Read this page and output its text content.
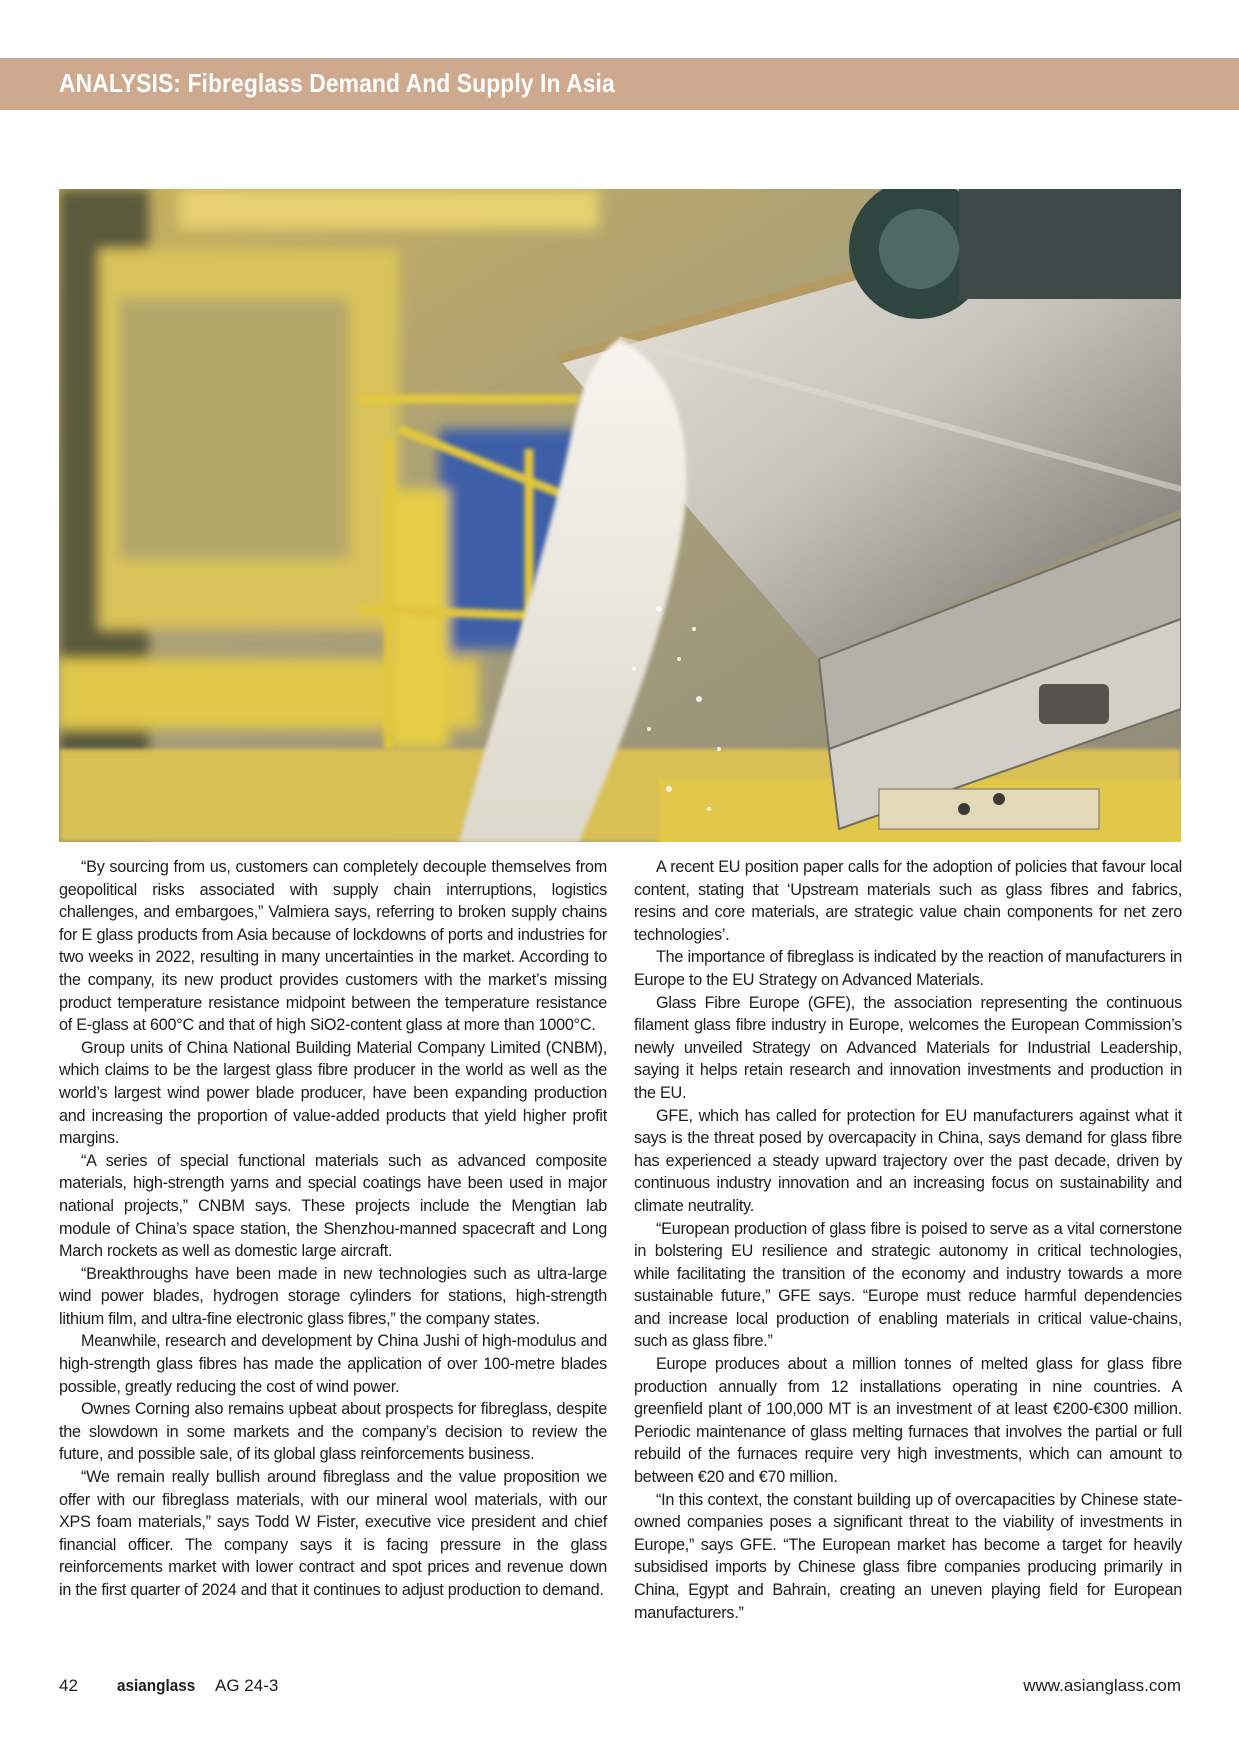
ANALYSIS: Fibreglass Demand And Supply In Asia

“By sourcing from us, customers can completely decouple themselves from geopolitical risks associated with supply chain interruptions, logistics challenges, and embargoes,” Valmiera says, referring to broken supply chains for E glass products from Asia because of lockdowns of ports and industries for two weeks in 2022, resulting in many uncertainties in the market. According to the company, its new product provides customers with the market’s missing product temperature resistance midpoint between the temperature resistance of E-glass at 600°C and that of high SiO2-content glass at more than 1000°C.

Group units of China National Building Material Company Limited (CNBM), which claims to be the largest glass fibre producer in the world as well as the world’s largest wind power blade producer, have been expanding production and increasing the proportion of value-added products that yield higher profit margins.

“A series of special functional materials such as advanced composite materials, high-strength yarns and special coatings have been used in major national projects,” CNBM says. These projects include the Mengtian lab module of China’s space station, the Shenzhou-manned spacecraft and Long March rockets as well as domestic large aircraft.

“Breakthroughs have been made in new technologies such as ultra-large wind power blades, hydrogen storage cylinders for stations, high-strength lithium film, and ultra-fine electronic glass fibres,” the company states.

Meanwhile, research and development by China Jushi of high-modulus and high-strength glass fibres has made the application of over 100-metre blades possible, greatly reducing the cost of wind power.

Ownes Corning also remains upbeat about prospects for fibreglass, despite the slowdown in some markets and the company’s decision to review the future, and possible sale, of its global glass reinforcements business.

“We remain really bullish around fibreglass and the value proposition we offer with our fibreglass materials, with our mineral wool materials, with our XPS foam materials,” says Todd W Fister, executive vice president and chief financial officer. The company says it is facing pressure in the glass reinforcements market with lower contract and spot prices and revenue down in the first quarter of 2024 and that it continues to adjust production to demand.

A recent EU position paper calls for the adoption of policies that favour local content, stating that ‘Upstream materials such as glass fibres and fabrics, resins and core materials, are strategic value chain components for net zero technologies’.

The importance of fibreglass is indicated by the reaction of manufacturers in Europe to the EU Strategy on Advanced Materials.

Glass Fibre Europe (GFE), the association representing the continuous filament glass fibre industry in Europe, welcomes the European Commission’s newly unveiled Strategy on Advanced Materials for Industrial Leadership, saying it helps retain research and innovation investments and production in the EU.

GFE, which has called for protection for EU manufacturers against what it says is the threat posed by overcapacity in China, says demand for glass fibre has experienced a steady upward trajectory over the past decade, driven by continuous industry innovation and an increasing focus on sustainability and climate neutrality.

“European production of glass fibre is poised to serve as a vital cornerstone in bolstering EU resilience and strategic autonomy in critical technologies, while facilitating the transition of the economy and industry towards a more sustainable future,” GFE says. “Europe must reduce harmful dependencies and increase local production of enabling materials in critical value-chains, such as glass fibre.”

Europe produces about a million tonnes of melted glass for glass fibre production annually from 12 installations operating in nine countries. A greenfield plant of 100,000 MT is an investment of at least €200-€300 million. Periodic maintenance of glass melting furnaces that involves the partial or full rebuild of the furnaces require very high investments, which can amount to between €20 and €70 million.

“In this context, the constant building up of overcapacities by Chinese state-owned companies poses a significant threat to the viability of investments in Europe,” says GFE. “The European market has become a target for heavily subsidised imports by Chinese glass fibre companies producing primarily in China, Egypt and Bahrain, creating an uneven playing field for European manufacturers.”

42 asianglass AG 24-3	www.asianglass.com
